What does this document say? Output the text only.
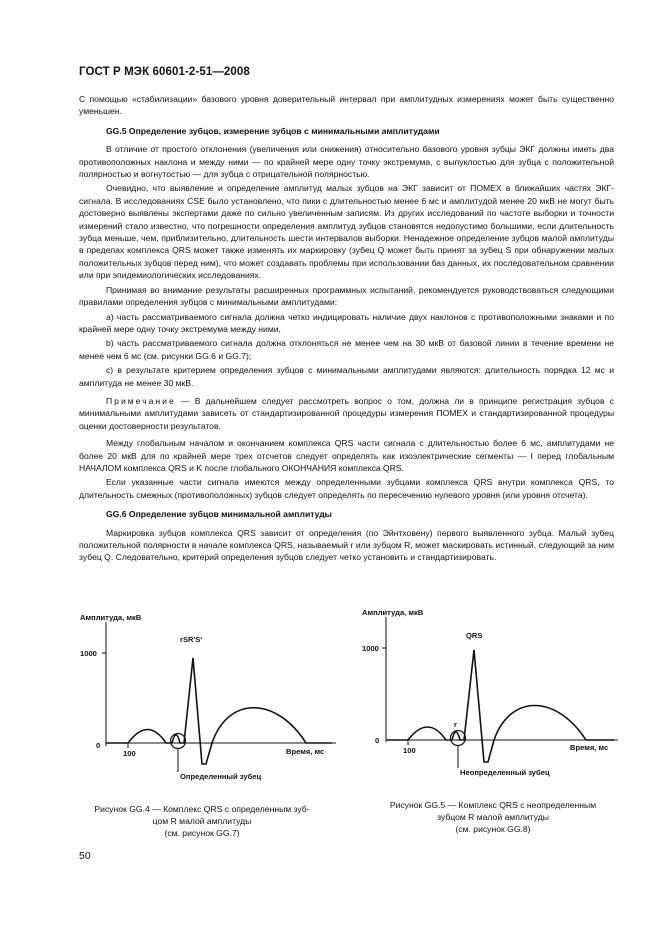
ГОСТ Р МЭК 60601-2-51—2008

С помощью «стабилизации» базового уровня доверительный интервал при амплитудных измерениях может быть существенно уменьшен.

GG.5 Определение зубцов, измерение зубцов с минимальными амплитудами

В отличие от простого отклонения (увеличения или снижения) относительно базового уровня зубцы ЭКГ должны иметь два противоположных наклона и между ними — по крайней мере одну точку экстремума, с выпуклостью для зубца с положительной полярностью и вогнутостью — для зубца с отрицательной полярностью.

Очевидно, что выявление и определение амплитуд малых зубцов на ЭКГ зависит от ПОМЕХ в ближайших частях ЭКГ-сигнала. В исследованиях CSE было установлено, что пики с длительностью менее 6 мс и амплитудой менее 20 мкВ не могут быть достоверно выявлены экспертами даже по сильно увеличенным записям. Из других исследований по частоте выборки и точности измерений стало известно, что погрешности определения амплитуд зубцов становятся недопустимо большими, если длительность зубца меньше, чем, приблизительно, длительность шести интервалов выборки. Ненадежное определение зубцов малой амплитуды в пределах комплекса QRS может также изменять их маркировку (зубец Q может быть принят за зубец S при обнаружении малых положительных зубцов перед ним), что может создавать проблемы при использовании баз данных, их последовательном сравнении или при эпидемиологических исследованиях.

Принимая во внимание результаты расширенных программных испытаний, рекомендуется руководствоваться следующими правилами определения зубцов с минимальными амплитудами:

а) часть рассматриваемого сигнала должна четко индицировать наличие двух наклонов с противоположными знаками и по крайней мере одну точку экстремума между ними,

b) часть рассматриваемого сигнала должна отклоняться не менее чем на 30 мкВ от базовой линии в течение времени не менее чем 6 мс (см. рисунки GG.6 и GG.7);

с) в результате критерием определения зубцов с минимальными амплитудами являются: длительность порядка 12 мс и амплитуда не менее 30 мкВ.

Примечание — В дальнейшем следует рассмотреть вопрос о том, должна ли в принципе регистрация зубцов с минимальными амплитудами зависеть от стандартизированной процедуры измерения ПОМЕХ и стандартизированной процедуры оценки достоверности результатов.

Между глобальным началом и окончанием комплекса QRS части сигнала с длительностью более 6 мс, амплитудами не более 20 мкВ для по крайней мере трех отсчетов следует определять как изоэлектрические сегменты — I перед глобальным НАЧАЛОМ комплекса QRS и K после глобального ОКОНЧАНИЯ комплекса QRS.

Если указанные части сигнала имеются между определенными зубцами комплекса QRS внутри комплекса QRS, то длительность смежных (противоположных) зубцов следует определять по пересечению нулевого уровня (или уровня отсчета).

GG.6 Определение зубцов минимальной амплитуды

Маркировка зубцов комплекса QRS зависит от определения (по Эйнтховену) первого выявленного зубца. Малый зубец положительной полярности в начале комплекса QRS, называемый r или зубцом R, может маскировать истинный, следующий за ним зубец Q. Следовательно, критерий определения зубцов следует четко установить и стандартизировать.

Амплитуда, мкВ
1000
0
100	Время, мс
Определенный зубец
rSR'S'
Амплитуда, мкВ
1000
0
100	Время, мс
r
Неопределенный зубец
QRS
Рисунок GG.4 — Комплекс QRS с определенным зуб-
цом R малой амплитуды
(см. рисунок GG.7)
Рисунок GG.5 — Комплекс QRS с неопределенным
зубцом R малой амплитуды
(см. рисунок GG.8)
50
